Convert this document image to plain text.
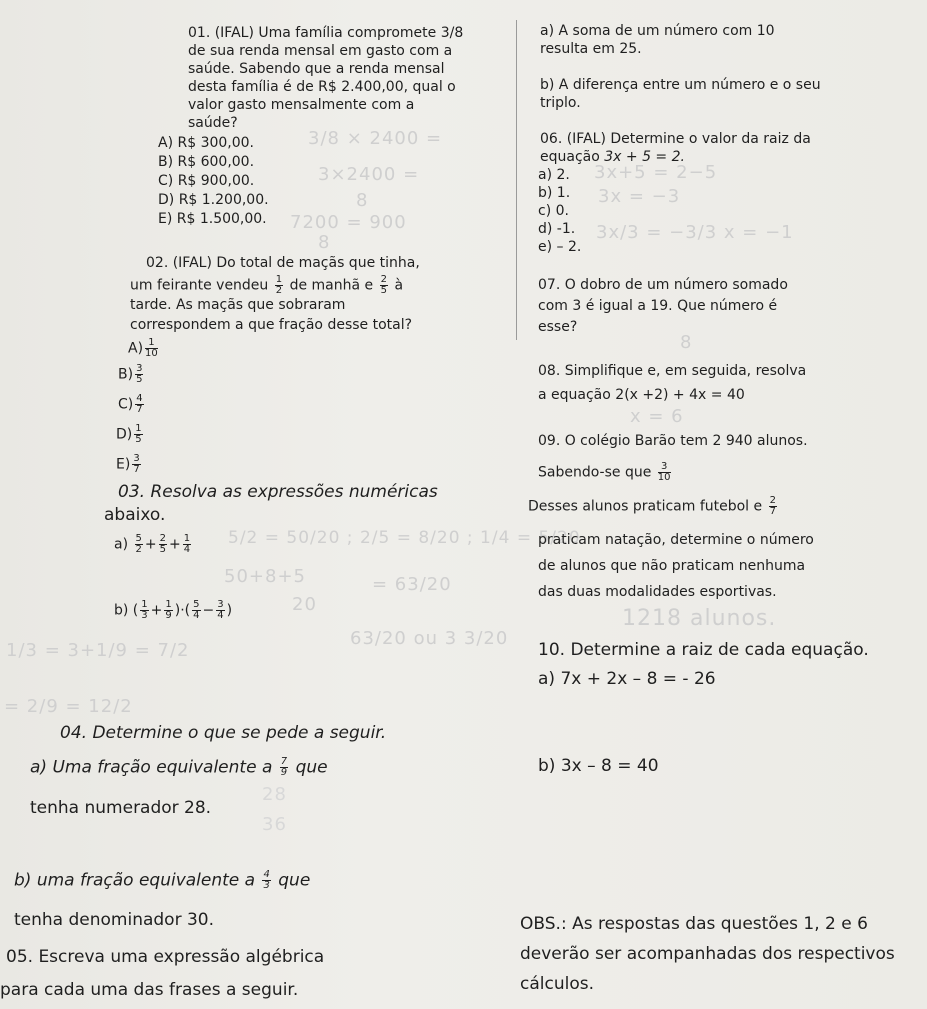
01. (IFAL) Uma família compromete 3/8
de sua renda mensal em gasto com a
saúde. Sabendo que a renda mensal
desta família é de R$ 2.400,00, qual o
valor gasto mensalmente com a
saúde?
A) R$ 300,00.
B) R$ 600,00.
C) R$ 900,00.
D) R$ 1.200,00.
E) R$ 1.500,00.
3/8 × 2400 =
3×2400 =
8
7200 = 900
8
02. (IFAL) Do total de maçãs que tinha,
um feirante vendeu $\frac{1}{2}$ de manhã e $\frac{2}{5}$ à
tarde. As maçãs que sobraram
correspondem a que fração desse total?
$A) \frac{1}{10}$
$B) \frac{3}{5}$
$C) \frac{4}{7}$
$D) \frac{1}{5}$
$E) \frac{3}{7}$
03. Resolva as expressões numéricas
abaixo.
$a) \frac{5}{2} + \frac{2}{5} + \frac{1}{4}$
b) ( $\frac{1}{3} + \frac{1}{9}$ )·( $\frac{5}{4} - \frac{3}{4}$ )
5/2 = 50/20 ; 2/5 = 8/20 ; 1/4 = 5/20
50+8+5
20
= 63/20
63/20 ou 3 3/20
1/3 = 3+1/9 = 7/2
= 2/9 = 12/2
04. Determine o que se pede a seguir.
a) Uma fração equivalente a $\frac{7}{9}$ que
tenha numerador 28.
28
36
b) uma fração equivalente a $\frac{4}{3}$ que
tenha denominador 30.
05. Escreva uma expressão algébrica
para cada uma das frases a seguir.
a) A soma de um número com 10
resulta em 25.
b) A diferença entre um número e o seu
triplo.
06. (IFAL) Determine o valor da raiz da
equação 3x + 5 = 2.
a) 2.
b) 1.
c) 0.
d) -1.
e) – 2.
3x+5 = 2−5
3x = −3
3x/3 = −3/3 x = −1
07. O dobro de um número somado
com 3 é igual a 19. Que número é
esse?
8
08. Simplifique e, em seguida, resolva
a equação 2(x +2) + 4x = 40
x = 6
09. O colégio Barão tem 2 940 alunos.
Sabendo-se que $\frac{3}{10}$
Desses alunos praticam futebol e $\frac{2}{7}$
praticam natação, determine o número
de alunos que não praticam nenhuma
das duas modalidades esportivas.
1218 alunos.
10. Determine a raiz de cada equação.
a) 7x + 2x – 8 = - 26
b) 3x – 8 = 40
OBS.: As respostas das questões 1, 2 e 6
deverão ser acompanhadas dos respectivos
cálculos.
